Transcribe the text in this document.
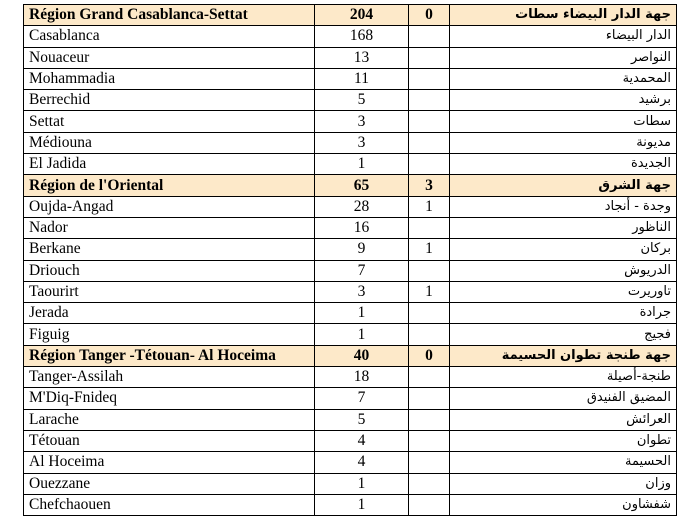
Région Grand Casablanca-Settat	204	0	جهة الدار البيضاء سطات
Casablanca	168		الدار البيضاء
Nouaceur	13		النواصر
Mohammadia	11		المحمدية
Berrechid	5		برشيد
Settat	3		سطات
Médiouna	3		مديونة
El Jadida	1		الجديدة
Région de l'Oriental	65	3	جهة الشرق
Oujda-Angad	28	1	وجدة - أنجاد
Nador	16		الناظور
Berkane	9	1	بركان
Driouch	7		الدريوش
Taourirt	3	1	تاوريرت
Jerada	1		جرادة
Figuig	1		فجيج
Région Tanger -Tétouan- Al Hoceima	40	0	جهة طنجة تطوان الحسيمة
Tanger-Assilah	18		طنجة-أصيلة
M'Diq-Fnideq	7		المضيق الفنيدق
Larache	5		العرائش
Tétouan	4		تطوان
Al Hoceima	4		الحسيمة
Ouezzane	1		وزان
Chefchaouen	1		شفشاون
